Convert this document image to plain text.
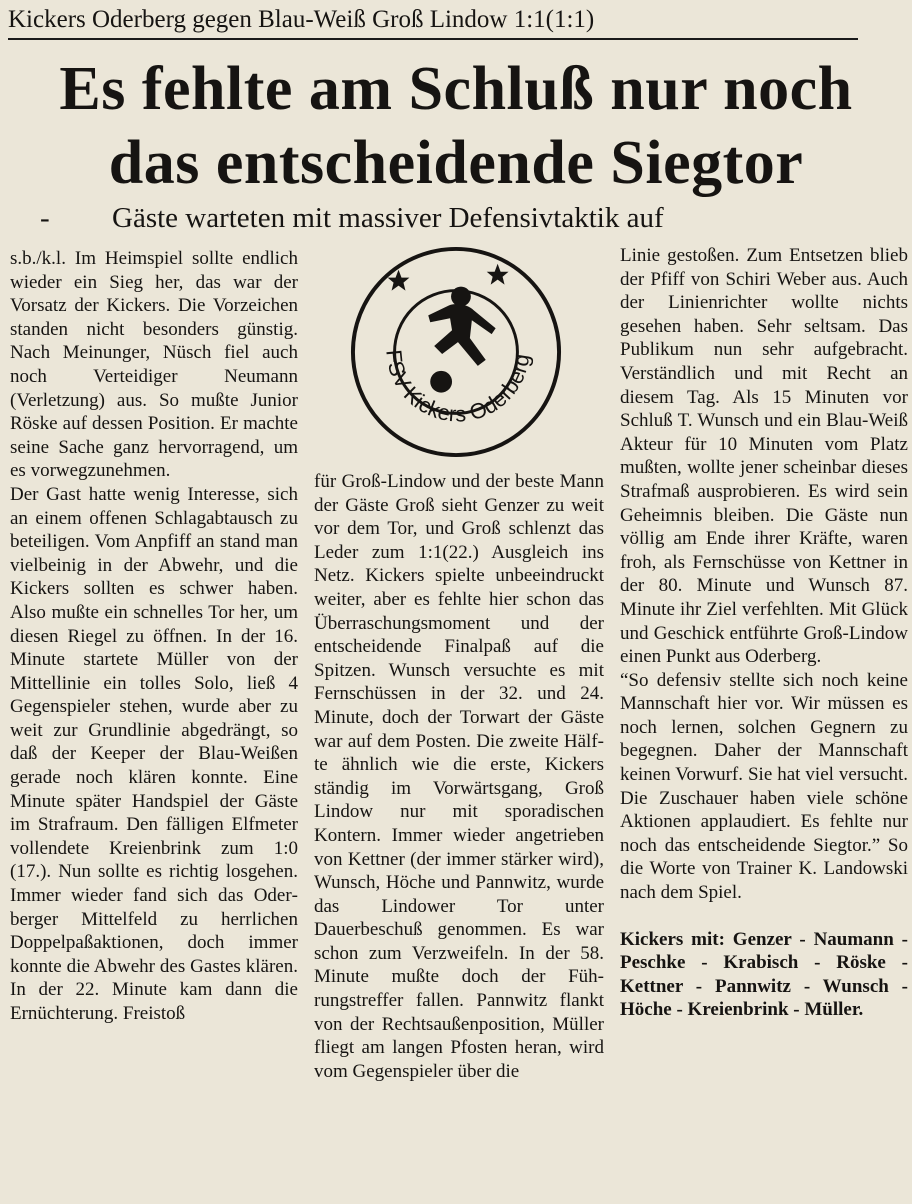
Kickers Oderberg gegen Blau-Weiß Groß Lindow 1:1(1:1)
Es fehlte am Schluß nur noch
das entscheidende Siegtor
- Gäste warteten mit massiver Defensivtaktik auf

s.b./k.l. Im Heimspiel sollte endlich wieder ein Sieg her, das war der Vorsatz der Kickers. Die Vorzeichen standen nicht besonders günstig. Nach Meinunger, Nüsch fiel auch noch Verteidiger Neumann (Verletzung) aus. So mußte Junior Röske auf dessen Position. Er machte seine Sache ganz hervorragend, um es vorwegzunehmen.

Der Gast hatte wenig Interesse, sich an einem offenen Schlagabtausch zu beteiligen. Vom Anpfiff an stand man vielbeinig in der Abwehr, und die Kickers sollten es schwer haben. Also mußte ein schnelles Tor her, um diesen Riegel zu öffnen. In der 16. Minute startete Müller von der Mittellinie ein tolles Solo, ließ 4 Gegenspieler stehen, wurde aber zu weit zur Grundlinie abgedrängt, so daß der Keeper der Blau-Weißen gerade noch klären konnte. Eine Minute später Handspiel der Gäste im Strafraum. Den fälligen Elfmeter vollendete Kreienbrink zum 1:0 (17.). Nun sollte es richtig losgehen. Immer wieder fand sich das Oderberger Mittelfeld zu herrlichen Doppelpaßaktionen, doch immer konnte die Abwehr des Gastes klären. In der 22. Minute kam dann die Ernüchterung. Freistoß

FSV Kickers Oderberg

für Groß-Lindow und der beste Mann der Gäste Groß sieht Genzer zu weit vor dem Tor, und Groß schlenzt das Leder zum 1:1(22.) Ausgleich ins Netz. Kickers spielte unbeeindruckt weiter, aber es fehlte hier schon das Überraschungsmoment und der entscheidende Finalpaß auf die Spitzen. Wunsch versuchte es mit Fernschüssen in der 32. und 24. Minute, doch der Torwart der Gäste war auf dem Posten. Die zweite Hälfte ähnlich wie die erste, Kickers ständig im Vorwärtsgang, Groß Lindow nur mit sporadischen Kontern. Immer wieder angetrieben von Kettner (der immer stärker wird), Wunsch, Höche und Pannwitz, wurde das Lindower Tor unter Dauerbeschuß genommen. Es war schon zum Verzweifeln. In der 58. Minute mußte doch der Führungstreffer fallen. Pannwitz flankt von der Rechtsaußenposition, Müller fliegt am langen Pfosten heran, wird vom Gegenspieler über die

Linie gestoßen. Zum Entsetzen blieb der Pfiff von Schiri Weber aus. Auch der Linienrichter wollte nichts gesehen haben. Sehr seltsam. Das Publikum nun sehr aufgebracht. Verständlich und mit Recht an diesem Tag. Als 15 Minuten vor Schluß T. Wunsch und ein Blau-Weiß Akteur für 10 Minuten vom Platz mußten, wollte jener scheinbar dieses Strafmaß ausprobieren. Es wird sein Geheimnis bleiben. Die Gäste nun völlig am Ende ihrer Kräfte, waren froh, als Fernschüsse von Kettner in der 80. Minute und Wunsch 87. Minute ihr Ziel verfehlten. Mit Glück und Geschick entführte Groß-Lindow einen Punkt aus Oderberg.

“So defensiv stellte sich noch keine Mannschaft hier vor. Wir müssen es noch lernen, solchen Gegnern zu begegnen. Daher der Mannschaft keinen Vorwurf. Sie hat viel versucht. Die Zuschauer haben viele schöne Aktionen applaudiert. Es fehlte nur noch das entscheidende Siegtor.” So die Worte von Trainer K. Landowski nach dem Spiel.

Kickers mit: Genzer - Naumann - Peschke - Krabisch - Röske - Kettner - Pannwitz - Wunsch - Höche - Kreienbrink - Müller.
